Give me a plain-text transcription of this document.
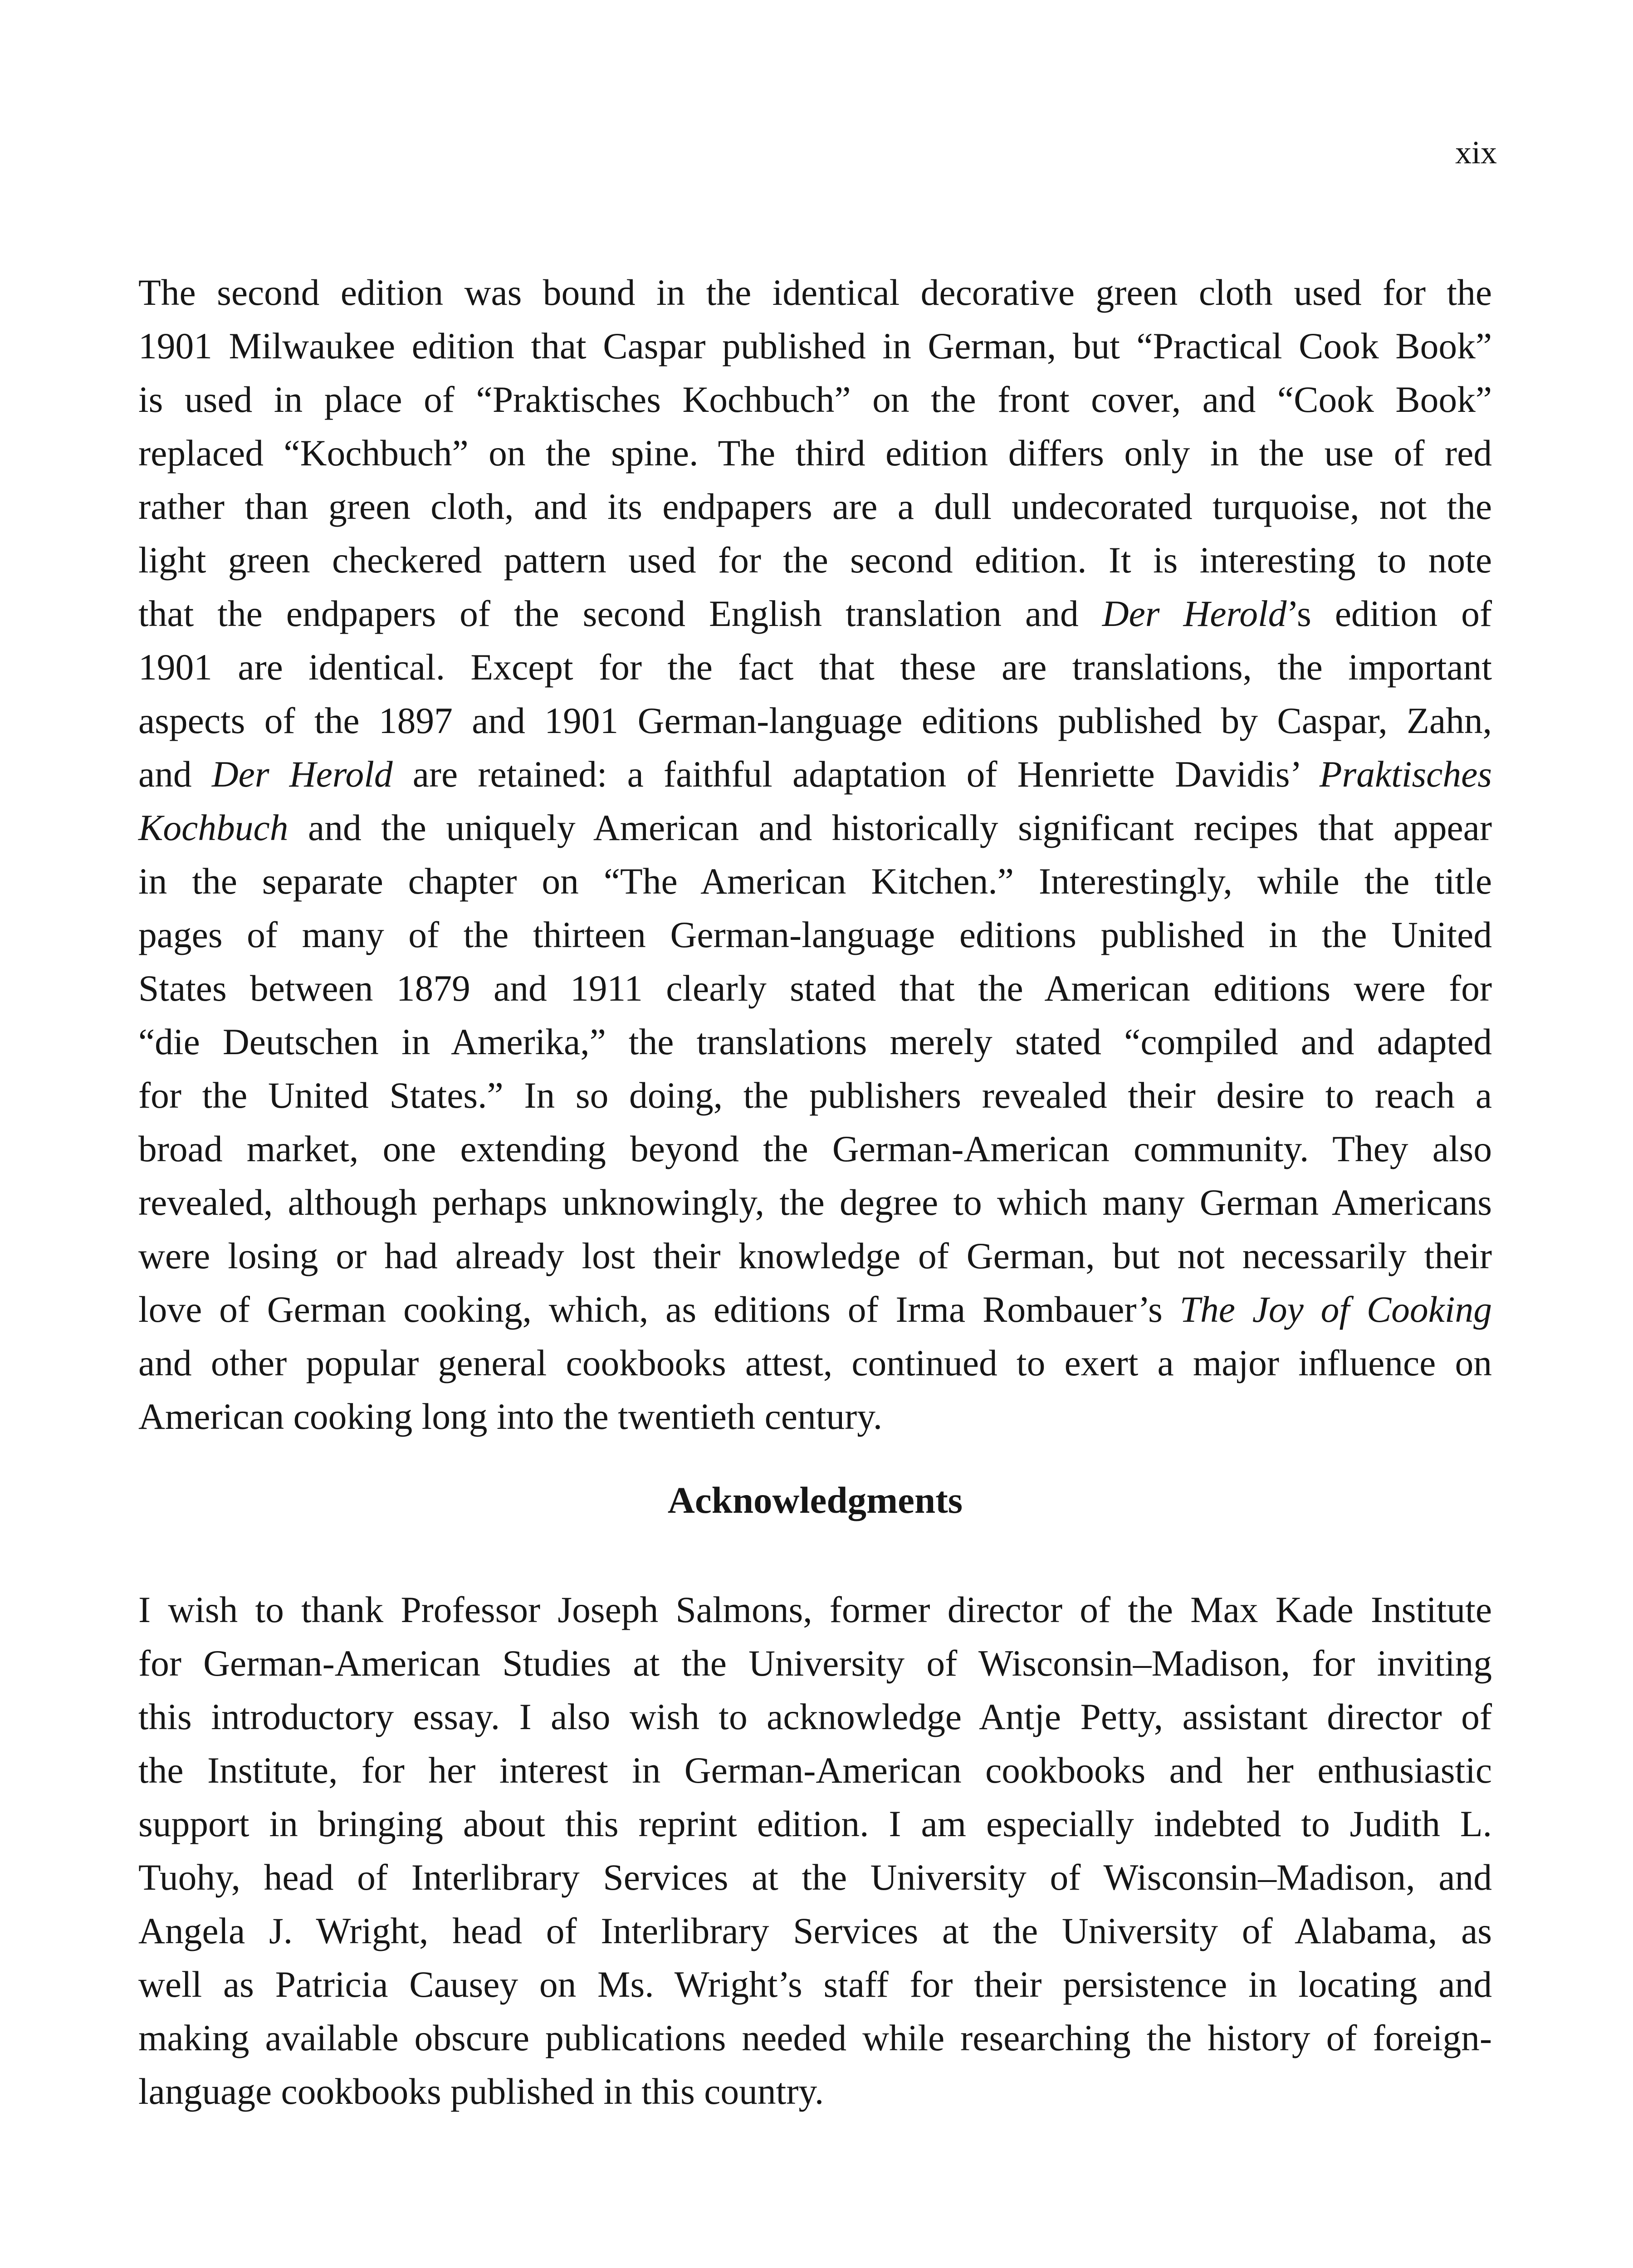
xix
The second edition was bound in the identical decorative green cloth used for the
1901 Milwaukee edition that Caspar published in German, but “Practical Cook Book”
is used in place of “Praktisches Kochbuch” on the front cover, and “Cook Book”
replaced “Kochbuch” on the spine. The third edition differs only in the use of red
rather than green cloth, and its endpapers are a dull undecorated turquoise, not the
light green checkered pattern used for the second edition. It is interesting to note
that the endpapers of the second English translation and Der Herold’s edition of
1901 are identical. Except for the fact that these are translations, the important
aspects of the 1897 and 1901 German-language editions published by Caspar, Zahn,
and Der Herold are retained: a faithful adaptation of Henriette Davidis’ Praktisches
Kochbuch and the uniquely American and historically significant recipes that appear
in the separate chapter on “The American Kitchen.” Interestingly, while the title
pages of many of the thirteen German-language editions published in the United
States between 1879 and 1911 clearly stated that the American editions were for
“die Deutschen in Amerika,” the translations merely stated “compiled and adapted
for the United States.” In so doing, the publishers revealed their desire to reach a
broad market, one extending beyond the German-American community. They also
revealed, although perhaps unknowingly, the degree to which many German Americans
were losing or had already lost their knowledge of German, but not necessarily their
love of German cooking, which, as editions of Irma Rombauer’s The Joy of Cooking
and other popular general cookbooks attest, continued to exert a major influence on
American cooking long into the twentieth century.
Acknowledgments
I wish to thank Professor Joseph Salmons, former director of the Max Kade Institute
for German-American Studies at the University of Wisconsin–Madison, for inviting
this introductory essay. I also wish to acknowledge Antje Petty, assistant director of
the Institute, for her interest in German-American cookbooks and her enthusiastic
support in bringing about this reprint edition. I am especially indebted to Judith L.
Tuohy, head of Interlibrary Services at the University of Wisconsin–Madison, and
Angela J. Wright, head of Interlibrary Services at the University of Alabama, as
well as Patricia Causey on Ms. Wright’s staff for their persistence in locating and
making available obscure publications needed while researching the history of foreign-
language cookbooks published in this country.
